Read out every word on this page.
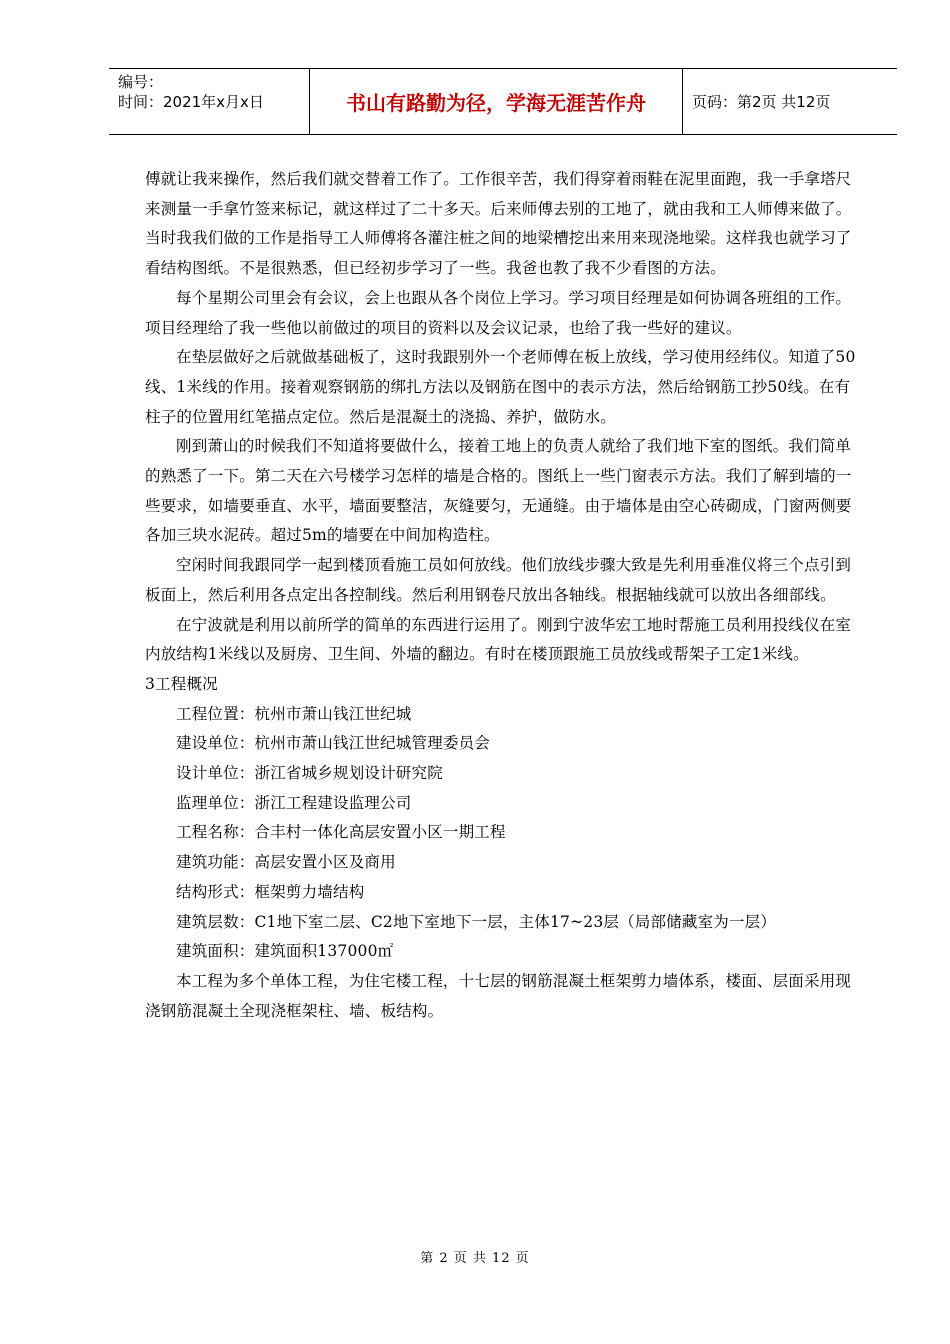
编号：
时间：2021年x月x日	书山有路勤为径，学海无涯苦作舟	页码：第2页 共12页

傅就让我来操作，然后我们就交替着工作了。工作很辛苦，我们得穿着雨鞋在泥里面跑，我一手拿塔尺来测量一手拿竹签来标记，就这样过了二十多天。后来师傅去别的工地了，就由我和工人师傅来做了。当时我我们做的工作是指导工人师傅将各灌注桩之间的地梁槽挖出来用来现浇地梁。这样我也就学习了看结构图纸。不是很熟悉，但已经初步学习了一些。我爸也教了我不少看图的方法。

每个星期公司里会有会议，会上也跟从各个岗位上学习。学习项目经理是如何协调各班组的工作。项目经理给了我一些他以前做过的项目的资料以及会议记录，也给了我一些好的建议。

在垫层做好之后就做基础板了，这时我跟别外一个老师傅在板上放线，学习使用经纬仪。知道了50线、1米线的作用。接着观察钢筋的绑扎方法以及钢筋在图中的表示方法，然后给钢筋工抄50线。在有柱子的位置用红笔描点定位。然后是混凝土的浇捣、养护，做防水。

刚到萧山的时候我们不知道将要做什么，接着工地上的负责人就给了我们地下室的图纸。我们简单的熟悉了一下。第二天在六号楼学习怎样的墙是合格的。图纸上一些门窗表示方法。我们了解到墙的一些要求，如墙要垂直、水平，墙面要整洁，灰缝要匀，无通缝。由于墙体是由空心砖砌成，门窗两侧要各加三块水泥砖。超过5m的墙要在中间加构造柱。

空闲时间我跟同学一起到楼顶看施工员如何放线。他们放线步骤大致是先利用垂准仪将三个点引到板面上，然后利用各点定出各控制线。然后利用钢卷尺放出各轴线。根据轴线就可以放出各细部线。

在宁波就是利用以前所学的简单的东西进行运用了。刚到宁波华宏工地时帮施工员利用投线仪在室内放结构1米线以及厨房、卫生间、外墙的翻边。有时在楼顶跟施工员放线或帮架子工定1米线。

3工程概况

工程位置：杭州市萧山钱江世纪城

建设单位：杭州市萧山钱江世纪城管理委员会

设计单位：浙江省城乡规划设计研究院

监理单位：浙江工程建设监理公司

工程名称：合丰村一体化高层安置小区一期工程

建筑功能：高层安置小区及商用

结构形式：框架剪力墙结构

建筑层数：C1地下室二层、C2地下室地下一层，主体17~23层（局部储藏室为一层）

建筑面积：建筑面积137000㎡

本工程为多个单体工程，为住宅楼工程，十七层的钢筋混凝土框架剪力墙体系，楼面、层面采用现浇钢筋混凝土全现浇框架柱、墙、板结构。

第 2 页 共 12 页
